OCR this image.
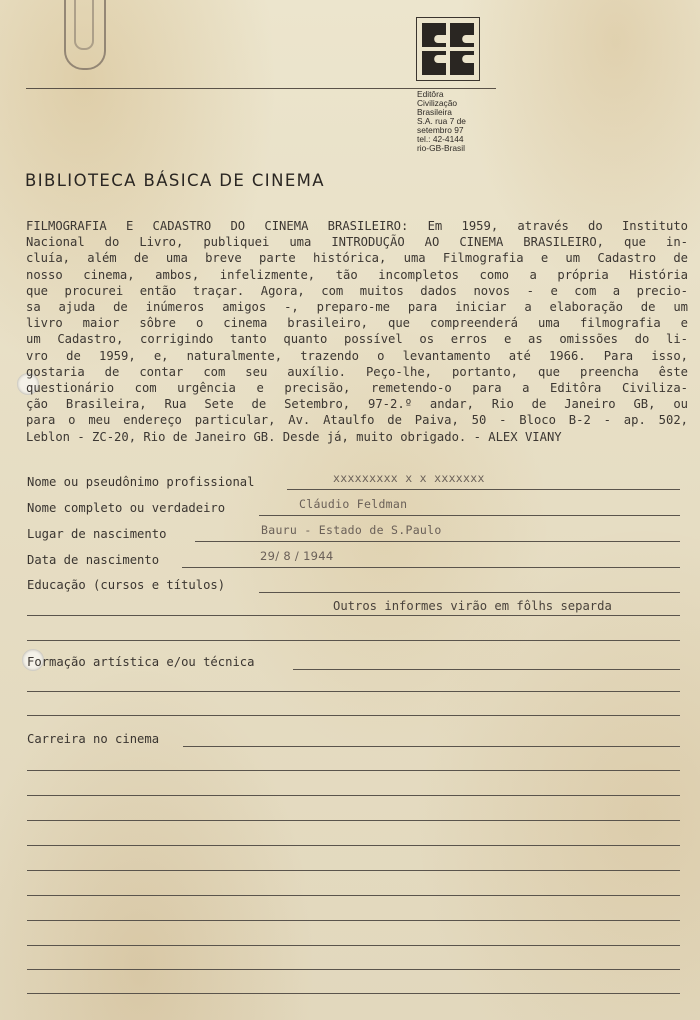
Editôra
Civilização
Brasileira
S.A. rua 7 de
setembro 97
tel.: 42-4144
rio-GB-Brasil
BIBLIOTECA BÁSICA DE CINEMA
FILMOGRAFIA E CADASTRO DO CINEMA BRASILEIRO: Em 1959, através do Instituto
Nacional do Livro, publiquei uma INTRODUÇÃO AO CINEMA BRASILEIRO, que in-
cluía, além de uma breve parte histórica, uma Filmografia e um Cadastro de
nosso cinema, ambos, infelizmente, tão incompletos como a própria História
que procurei então traçar. Agora, com muitos dados novos - e com a precio-
sa ajuda de inúmeros amigos -, preparo-me para iniciar a elaboração de um
livro maior sôbre o cinema brasileiro, que compreenderá uma filmografia e
um Cadastro, corrigindo tanto quanto possível os erros e as omissões do li-
vro de 1959, e, naturalmente, trazendo o levantamento até 1966. Para isso,
gostaria de contar com seu auxílio. Peço-lhe, portanto, que preencha êste
questionário com urgência e precisão, remetendo-o para a Editôra Civiliza-
ção Brasileira, Rua Sete de Setembro, 97-2.º andar, Rio de Janeiro GB, ou
para o meu endereço particular, Av. Ataulfo de Paiva, 50 - Bloco B-2 - ap. 502,
Leblon - ZC-20, Rio de Janeiro GB. Desde já, muito obrigado. - ALEX VIANY
Nome ou pseudônimo profissional	xxxxxxxxx x x xxxxxxx
Nome completo ou verdadeiro	Cláudio Feldman
Lugar de nascimento	Bauru - Estado de S.Paulo
Data de nascimento	29/ 8 / 1944
Educação (cursos e títulos)
Outros informes virão em fôlhs separda
Formação artística e/ou técnica
Carreira no cinema
